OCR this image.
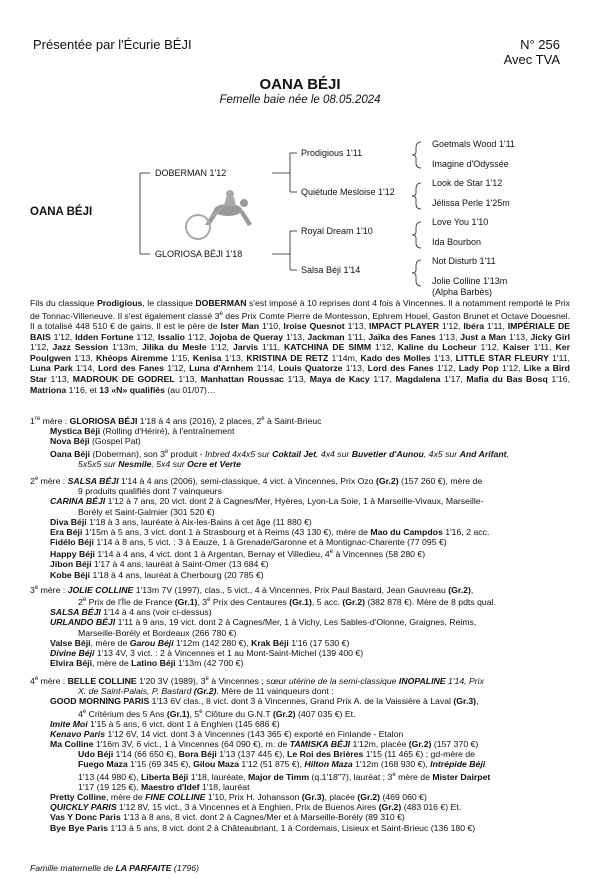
Présentée par l'Écurie BÉJI	N° 256
Avec TVA
OANA BÉJI
Femelle baie née le 08.05.2024
OANA BÉJI
DOBERMAN 1'12
GLORIOSA BÉJI 1'18
Prodigious 1'11
Quiétude Mesloise 1'12
Royal Dream 1'10
Salsa Béji 1'14
Goetmals Wood 1'11
Imagine d'Odyssée
Look de Star 1'12
Jélissa Perle 1'25m
Love You 1'10
Ida Bourbon
Not Disturb 1'11
Jolie Colline 1'13m
(Alpha Barbès)
Fils du classique Prodigious, le classique DOBERMAN s'est imposé à 10 reprises dont 4 fois à Vincennes. Il a notamment remporté le Prix de Tonnac-Villeneuve. Il s'est également classé 3e des Prix Comte Pierre de Montesson, Ephrem Houel, Gaston Brunet et Octave Douesnel. Il a totalisé 448 510 € de gains. Il est le père de Ister Man 1'10, Iroise Quesnot 1'13, IMPACT PLAYER 1'12, Ibéra 1'11, IMPÉRIALE DE BAIS 1'12, Idden Fortune 1'12, Issalio 1'12, Jojoba de Queray 1'13, Jackman 1'11, Jaïka des Fanes 1'13, Just a Man 1'13, Jicky Girl 1'12, Jazz Session 1'13m, Jilika du Mesle 1'12, Jarvis 1'11, KATCHINA DE SIMM 1'12, Kaline du Locheur 1'12, Kaiser 1'11, Ker Poulgwen 1'13, Khéops Airemme 1'15, Kenisa 1'13, KRISTINA DE RETZ 1'14m, Kado des Molles 1'13, LITTLE STAR FLEURY 1'11, Luna Park 1'14, Lord des Fanes 1'12, Luna d'Arnhem 1'14, Louis Quatorze 1'13, Lord des Fanes 1'12, Lady Pop 1'12, Like a Bird Star 1'13, MADROUK DE GODREL 1'13, Manhattan Roussac 1'13, Maya de Kacy 1'17, Magdalena 1'17, Mafia du Bas Bosq 1'16, Matriona 1'16, et 13 «N» qualifiés (au 01/07)…
1re mère : GLORIOSA BÉJI 1'18 à 4 ans (2016), 2 places, 2e à Saint-Brieuc
Mystica Béji (Rolling d'Hériré), à l'entraînement
Nova Béji (Gospel Pat)
Oana Béji (Doberman), son 3e produit - Inbred 4x4x5 sur Coktail Jet, 4x4 sur Buvetier d'Aunou, 4x5 sur And Arifant,
5x5x5 sur Nesmile, 5x4 sur Ocre et Verte
2e mère : SALSA BÉJI 1'14 à 4 ans (2006), semi-classique, 4 vict. à Vincennes, Prix Ozo (Gr.2) (157 260 €), mère de
9 produits qualifiés dont 7 vainqueurs
CARINA BÉJI 1'12 à 7 ans, 20 vict. dont 2 à Cagnes/Mer, Hyères, Lyon-La Soie, 1 à Marseille-Vivaux, Marseille-
Borély et Saint-Galmier (301 520 €)
Diva Béji 1'18 à 3 ans, lauréate à Aix-les-Bains à cet âge (11 880 €)
Era Béji 1'15m à 5 ans, 3 vict. dont 1 à Strasbourg et à Reims (43 130 €), mère de Mao du Campdos 1'16, 2 acc.
Fidélo Béji 1'14 à 8 ans, 5 vict. : 3 à Eauze, 1 à Grenade/Garonne et à Montignac-Charente (77 095 €)
Happy Béji 1'14 à 4 ans, 4 vict. dont 1 à Argentan, Bernay et Villedieu, 4e à Vincennes (58 280 €)
Jibon Béji 1'17 à 4 ans, lauréat à Saint-Omer (13 684 €)
Kobe Béji 1'18 à 4 ans, lauréat à Cherbourg (20 785 €)
3e mère : JOLIE COLLINE 1'13m 7V (1997), clas., 5 vict., 4 à Vincennes, Prix Paul Bastard, Jean Gauvreau (Gr.2),
2e Prix de l'Île de France (Gr.1), 3e Prix des Centaures (Gr.1), 5 acc. (Gr.2) (382 878 €). Mère de 8 pdts qual.
SALSA BÉJI 1'14 à 4 ans (voir ci-dessus)
URLANDO BÉJI 1'11 à 9 ans, 19 vict. dont 2 à Cagnes/Mer, 1 à Vichy, Les Sables-d'Olonne, Graignes, Reims,
Marseille-Borély et Bordeaux (266 780 €)
Valse Béji, mère de Garou Béji 1'12m (142 280 €), Krak Béji 1'16 (17 530 €)
Divine Béji 1'13 4V, 3 vict. : 2 à Vincennes et 1 au Mont-Saint-Michel (139 400 €)
Elvira Béji, mère de Latino Béji 1'13m (42 700 €)
4e mère : BELLE COLLINE 1'20 3V (1989), 3e à Vincennes ; sœur utérine de la semi-classique INOPALINE 1'14, Prix
X. de Saint-Palais, P. Bastard (Gr.2). Mère de 11 vainqueurs dont :
GOOD MORNING PARIS 1'13 6V clas., 8 vict. dont 3 à Vincennes, Grand Prix A. de la Vaissière à Laval (Gr.3),
4e Critérium des 5 Ans (Gr.1), 5e Clôture du G.N.T (Gr.2) (407 035 €) Et.
Imite Moi 1'15 à 5 ans, 6 vict. dont 1 à Enghien (145 686 €)
Kenavo Paris 1'12 6V, 14 vict. dont 3 à Vincennes (143 365 €) exporté en Finlande - Etalon
Ma Colline 1'16m 3V, 6 vict., 1 à Vincennes (64 090 €), m. de TAMISKA BÉJI 1'12m, placée (Gr.2) (157 370 €)
Udo Béji 1'14 (66 650 €), Bora Béji 1'13 (137 445 €), Le Roi des Brières 1'15 (11 465 €) ; gd-mère de
Fuego Maza 1'15 (69 345 €), Gilou Maza 1'12 (51 875 €), Hilton Maza 1'12m (168 930 €), Intrépide Béji
1'13 (44 980 €), Liberta Béji 1'18, lauréate, Major de Timm (q.1'18''7), lauréat ; 3e mère de Mister Dairpet
1'17 (19 125 €), Maestro d'Idef 1'18, lauréat
Pretty Colline, mère de FINE COLLINE 1'10, Prix H. Johansson (Gr.3), placée (Gr.2) (469 060 €)
QUICKLY PARIS 1'12 8V, 15 vict., 3 à Vincennes et à Enghien, Prix de Buenos Aires (Gr.2) (483 016 €) Et.
Vas Y Donc Paris 1'13 à 8 ans, 8 vict. dont 2 à Cagnes/Mer et à Marseille-Borély (89 310 €)
Bye Bye Paris 1'13 à 5 ans, 8 vict. dont 2 à Châteaubriant, 1 à Cordemais, Lisieux et Saint-Brieuc (136 180 €)
Famille maternelle de LA PARFAITE (1796)
